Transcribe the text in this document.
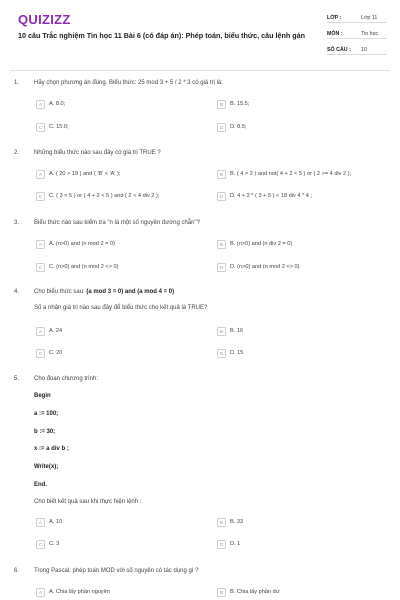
QUIZIZZ
10 câu Trắc nghiệm Tin học 11 Bài 6 (có đáp án): Phép toán, biểu thức, câu lệnh gán
LỚP :	Lớp 11
MÔN :	Tin học
SỐ CÂU : 10
1. Hãy chọn phương án đúng. Biểu thức: 25 mod 3 + 5 / 2 * 3 có giá trị là:
A	A. 8.0;	B	B. 15.5;
C	C. 15.0;	D	D. 8.5;
2. Những biểu thức nào sau đây có giá trị TRUE ?
A	A. ( 20 > 19 ) and ( 'B' < 'A' );	B	B. ( 4 > 2 ) and not( 4 + 2 < 5 ) or ( 2 >= 4 div 2 );
C	C. ( 3 < 5 ) or ( 4 + 2 < 5 ) and ( 2 < 4 div 2 );	D	D. 4 + 2 * ( 3 + 5 ) < 18 div 4 * 4 ;
3. Biểu thức nào sau kiểm tra "n là một số nguyên dương chẵn"?
A	A. (n>0) and (n mod 2 = 0)	B	B. (n>0) and (n div 2 = 0)
C	C. (n>0) and (n mod 2 <> 0)	D	D. (n>0) and (n mod 2 <> 0)
4. Cho biểu thức sau: (a mod 3 = 0) and (a mod 4 = 0)
Số a nhận giá trị nào sau đây để biểu thức cho kết quả là TRUE?
A	A. 24	B	B. 16
C	C. 20	D	D. 15
5. Cho đoạn chương trình:
Begin
a := 100;
b := 30;
x := a div b ;
Write(x);
End.
Cho biết kết quả sau khi thực hiện lệnh :
A	A. 10	B	B. 33
C	C. 3	D	D. 1
6. Trong Pascal, phép toán MOD với số nguyên có tác dụng gì ?
A	A. Chia lấy phần nguyên	B	B. Chia lấy phần dư
